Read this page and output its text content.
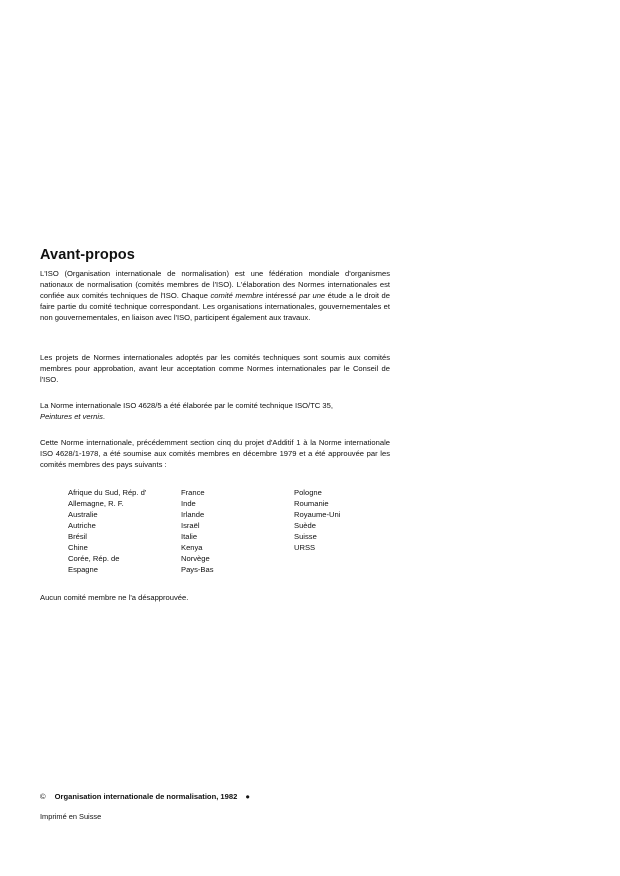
Avant-propos
L'ISO (Organisation internationale de normalisation) est une fédération mondiale d'organismes nationaux de normalisation (comités membres de l'ISO). L'élaboration des Normes internationales est confiée aux comités techniques de l'ISO. Chaque comité membre intéressé par une étude a le droit de faire partie du comité technique correspondant. Les organisations internationales, gouvernementales et non gouvernementales, en liaison avec l'ISO, participent également aux travaux.
Les projets de Normes internationales adoptés par les comités techniques sont soumis aux comités membres pour approbation, avant leur acceptation comme Normes internationales par le Conseil de l'ISO.
La Norme internationale ISO 4628/5 a été élaborée par le comité technique ISO/TC 35,
Peintures et vernis.
Cette Norme internationale, précédemment section cinq du projet d'Additif 1 à la Norme internationale ISO 4628/1-1978, a été soumise aux comités membres en décembre 1979 et a été approuvée par les comités membres des pays suivants :
Afrique du Sud, Rép. d'
Allemagne, R. F.
Australie
Autriche
Brésil
Chine
Corée, Rép. de
Espagne
France
Inde
Irlande
Israël
Italie
Kenya
Norvège
Pays-Bas
Pologne
Roumanie
Royaume-Uni
Suède
Suisse
URSS
Aucun comité membre ne l'a désapprouvée.
© Organisation internationale de normalisation, 1982 ●
Imprimé en Suisse
